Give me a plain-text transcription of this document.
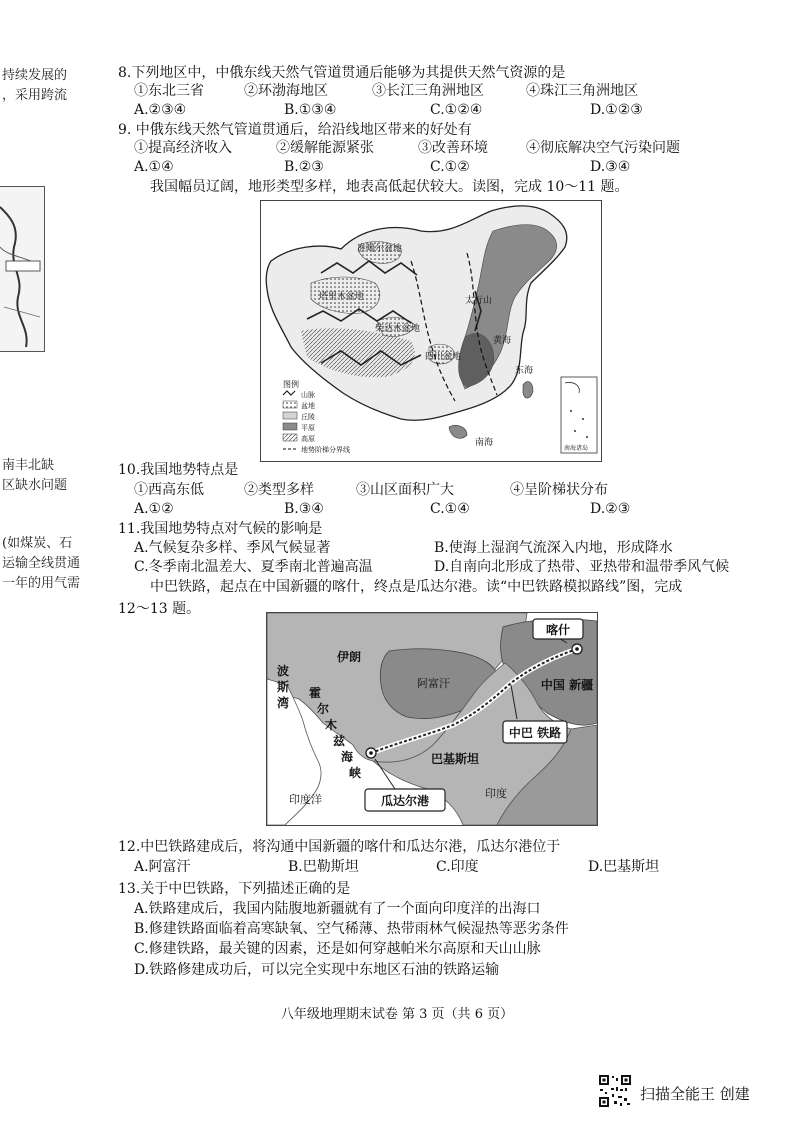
持续发展的
，采用跨流
南丰北缺
区缺水问题
(如煤炭、石
运输全线贯通
一年的用气需
8.下列地区中，中俄东线天然气管道贯通后能够为其提供天然气资源的是
①东北三省	②环渤海地区	③长江三角洲地区	④珠江三角洲地区
A.②③④	B.①③④	C.①②④	D.①②③
9. 中俄东线天然气管道贯通后，给沿线地区带来的好处有
①提高经济收入	②缓解能源紧张	③改善环境	④彻底解决空气污染问题
A.①④	B.②③	C.①②	D.③④
我国幅员辽阔，地形类型多样，地表高低起伏较大。读图，完成 10～11 题。
准噶尔盆地
塔里木盆地
柴达木盆地
四川盆地
太行山
黄海
东海
南海
南海诸岛
图例
山脉
盆地
丘陵
平原
高原
地势阶梯分界线
10.我国地势特点是
①西高东低	②类型多样	③山区面积广大	④呈阶梯状分布
A.①②	B.③④	C.①④	D.②③
11.我国地势特点对气候的影响是
A.气候复杂多样、季风气候显著	B.使海上湿润气流深入内地，形成降水
C.冬季南北温差大、夏季南北普遍高温	D.自南向北形成了热带、亚热带和温带季风气候
中巴铁路，起点在中国新疆的喀什，终点是瓜达尔港。读“中巴铁路模拟路线”图，完成
12～13 题。
伊朗
阿富汗
巴基斯坦
印度
印度洋
中国 新疆
波
斯
湾
霍
尔
木
兹
海
峡
喀什
中巴 铁路
瓜达尔港
12.中巴铁路建成后，将沟通中国新疆的喀什和瓜达尔港，瓜达尔港位于
A.阿富汗	B.巴勒斯坦	C.印度	D.巴基斯坦
13.关于中巴铁路，下列描述正确的是
A.铁路建成后，我国内陆腹地新疆就有了一个面向印度洋的出海口
B.修建铁路面临着高寒缺氧、空气稀薄、热带雨林气候湿热等恶劣条件
C.修建铁路，最关键的因素，还是如何穿越帕米尔高原和天山山脉
D.铁路修建成功后，可以完全实现中东地区石油的铁路运输
八年级地理期末试卷 第 3 页（共 6 页）
扫描全能王 创建
